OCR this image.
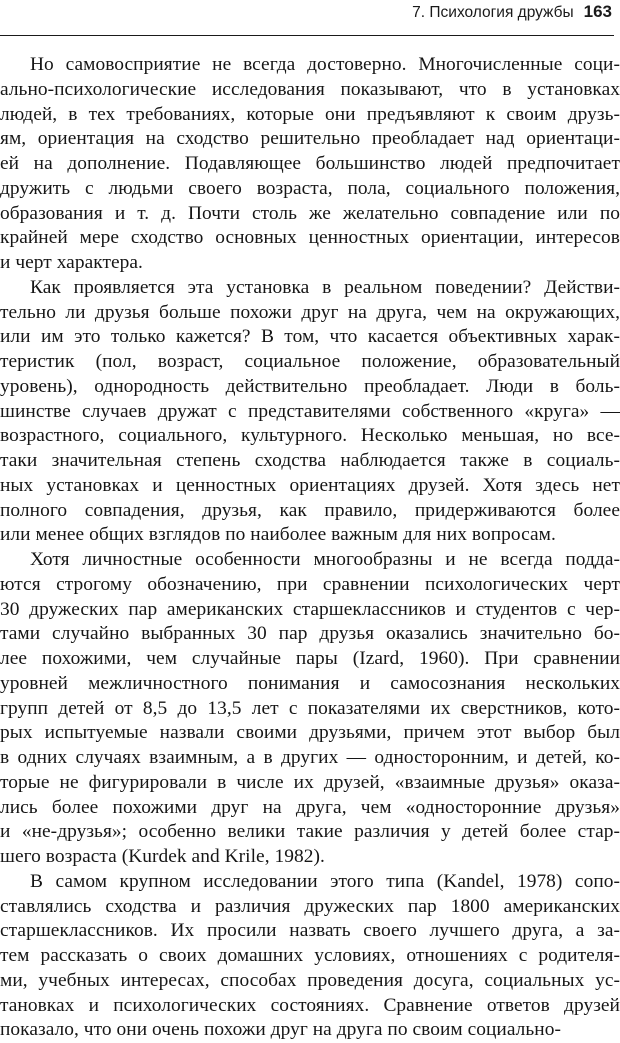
7. Психология дружбы 163
Но самовосприятие не всегда достоверно. Многочисленные соци-
ально-психологические исследования показывают, что в установках
людей, в тех требованиях, которые они предъявляют к своим друзь-
ям, ориентация на сходство решительно преобладает над ориентаци-
ей на дополнение. Подавляющее большинство людей предпочитает
дружить с людьми своего возраста, пола, социального положения,
образования и т. д. Почти столь же желательно совпадение или по
крайней мере сходство основных ценностных ориентации, интересов
и черт характера.
Как проявляется эта установка в реальном поведении? Действи-
тельно ли друзья больше похожи друг на друга, чем на окружающих,
или им это только кажется? В том, что касается объективных харак-
теристик (пол, возраст, социальное положение, образовательный
уровень), однородность действительно преобладает. Люди в боль-
шинстве случаев дружат с представителями собственного «круга» —
возрастного, социального, культурного. Несколько меньшая, но все-
таки значительная степень сходства наблюдается также в социаль-
ных установках и ценностных ориентациях друзей. Хотя здесь нет
полного совпадения, друзья, как правило, придерживаются более
или менее общих взглядов по наиболее важным для них вопросам.
Хотя личностные особенности многообразны и не всегда подда-
ются строгому обозначению, при сравнении психологических черт
30 дружеских пар американских старшеклассников и студентов с чер-
тами случайно выбранных 30 пар друзья оказались значительно бо-
лее похожими, чем случайные пары (Izard, 1960). При сравнении
уровней межличностного понимания и самосознания нескольких
групп детей от 8,5 до 13,5 лет с показателями их сверстников, кото-
рых испытуемые назвали своими друзьями, причем этот выбор был
в одних случаях взаимным, а в других — односторонним, и детей, ко-
торые не фигурировали в числе их друзей, «взаимные друзья» оказа-
лись более похожими друг на друга, чем «односторонние друзья»
и «не-друзья»; особенно велики такие различия у детей более стар-
шего возраста (Kurdek and Krile, 1982).
В самом крупном исследовании этого типа (Kandel, 1978) сопо-
ставлялись сходства и различия дружеских пар 1800 американских
старшеклассников. Их просили назвать своего лучшего друга, а за-
тем рассказать о своих домашних условиях, отношениях с родителя-
ми, учебных интересах, способах проведения досуга, социальных ус-
тановках и психологических состояниях. Сравнение ответов друзей
показало, что они очень похожи друг на друга по своим социально-
